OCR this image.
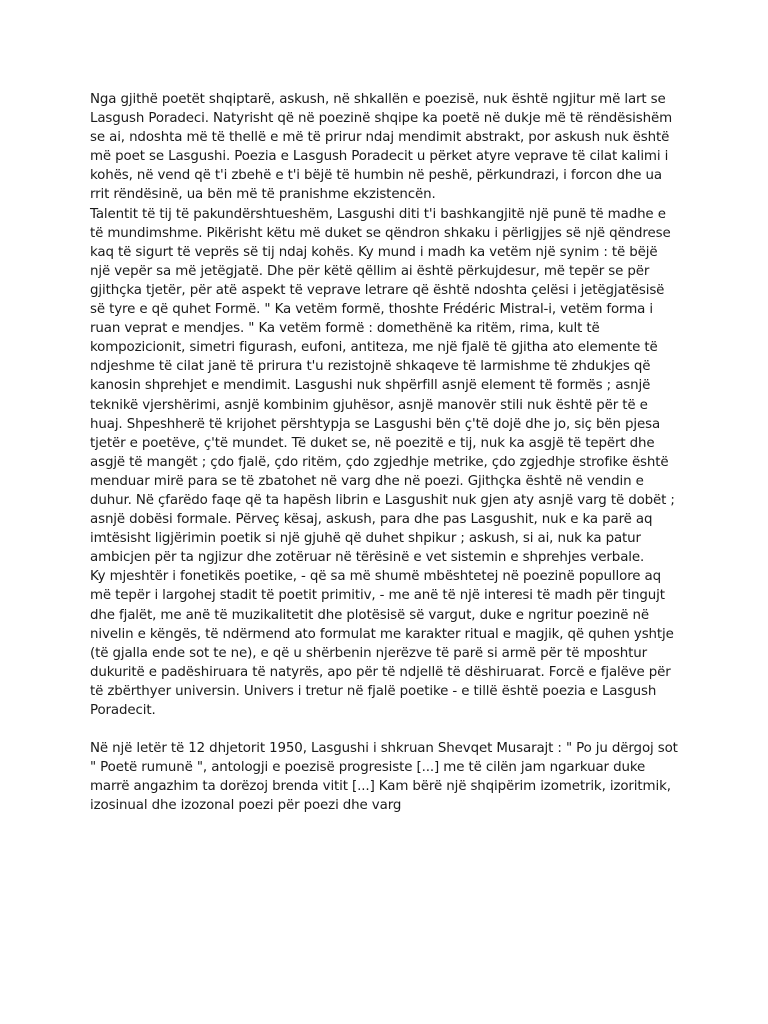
Nga gjithë poetët shqiptarë, askush, në shkallën e poezisë, nuk është ngjitur më lart se Lasgush Poradeci. Natyrisht që në poezinë shqipe ka poetë në dukje më të rëndësishëm se ai, ndoshta më të thellë e më të prirur ndaj mendimit abstrakt, por askush nuk është më poet se Lasgushi. Poezia e Lasgush Poradecit u përket atyre veprave të cilat kalimi i kohës, në vend që t'i zbehë e t'i bëjë të humbin në peshë, përkundrazi, i forcon dhe ua rrit rëndësinë, ua bën më të pranishme ekzistencën.

Talentit të tij të pakundërshtueshëm, Lasgushi diti t'i bashkangjitë një punë të madhe e të mundimshme. Pikërisht këtu më duket se qëndron shkaku i përligjjes së një qëndrese kaq të sigurt të veprës së tij ndaj kohës. Ky mund i madh ka vetëm një synim : të bëjë një vepër sa më jetëgjatë. Dhe për këtë qëllim ai është përkujdesur, më tepër se për gjithçka tjetër, për atë aspekt të veprave letrare që është ndoshta çelësi i jetëgjatësisë së tyre e që quhet Formë. " Ka vetëm formë, thoshte Frédéric Mistral-i, vetëm forma i ruan veprat e mendjes. " Ka vetëm formë : domethënë ka ritëm, rima, kult të kompozicionit, simetri figurash, eufoni, antiteza, me një fjalë të gjitha ato elemente të ndjeshme të cilat janë të prirura t'u rezistojnë shkaqeve të larmishme të zhdukjes që kanosin shprehjet e mendimit. Lasgushi nuk shpërfill asnjë element të formës ; asnjë teknikë vjershërimi, asnjë kombinim gjuhësor, asnjë manovër stili nuk është për të e huaj. Shpeshherë të krijohet përshtypja se Lasgushi bën ç'të dojë dhe jo, siç bën pjesa tjetër e poetëve, ç'të mundet. Të duket se, në poezitë e tij, nuk ka asgjë të tepërt dhe asgjë të mangët ; çdo fjalë, çdo ritëm, çdo zgjedhje metrike, çdo zgjedhje strofike është menduar mirë para se të zbatohet në varg dhe në poezi. Gjithçka është në vendin e duhur. Në çfarëdo faqe që ta hapësh librin e Lasgushit nuk gjen aty asnjë varg të dobët ; asnjë dobësi formale. Përveç kësaj, askush, para dhe pas Lasgushit, nuk e ka parë aq imtësisht ligjërimin poetik si një gjuhë që duhet shpikur ; askush, si ai, nuk ka patur ambicjen për ta ngjizur dhe zotëruar në tërësinë e vet sistemin e shprehjes verbale.

Ky mjeshtër i fonetikës poetike, - që sa më shumë mbështetej në poezinë popullore aq më tepër i largohej stadit të poetit primitiv, - me anë të një interesi të madh për tingujt dhe fjalët, me anë të muzikalitetit dhe plotësisë së vargut, duke e ngritur poezinë në nivelin e këngës, të ndërmend ato formulat me karakter ritual e magjik, që quhen yshtje (të gjalla ende sot te ne), e që u shërbenin njerëzve të parë si armë për të mposhtur dukuritë e padëshiruara të natyrës, apo për të ndjellë të dëshiruarat. Forcë e fjalëve për të zbërthyer universin. Univers i tretur në fjalë poetike - e tillë është poezia e Lasgush Poradecit.

Në një letër të 12 dhjetorit 1950, Lasgushi i shkruan Shevqet Musarajt : " Po ju dërgoj sot " Poetë rumunë ", antologji e poezisë progresiste [...] me të cilën jam ngarkuar duke marrë angazhim ta dorëzoj brenda vitit [...] Kam bërë një shqipërim izometrik, izoritmik, izosinual dhe izozonal poezi për poezi dhe varg
